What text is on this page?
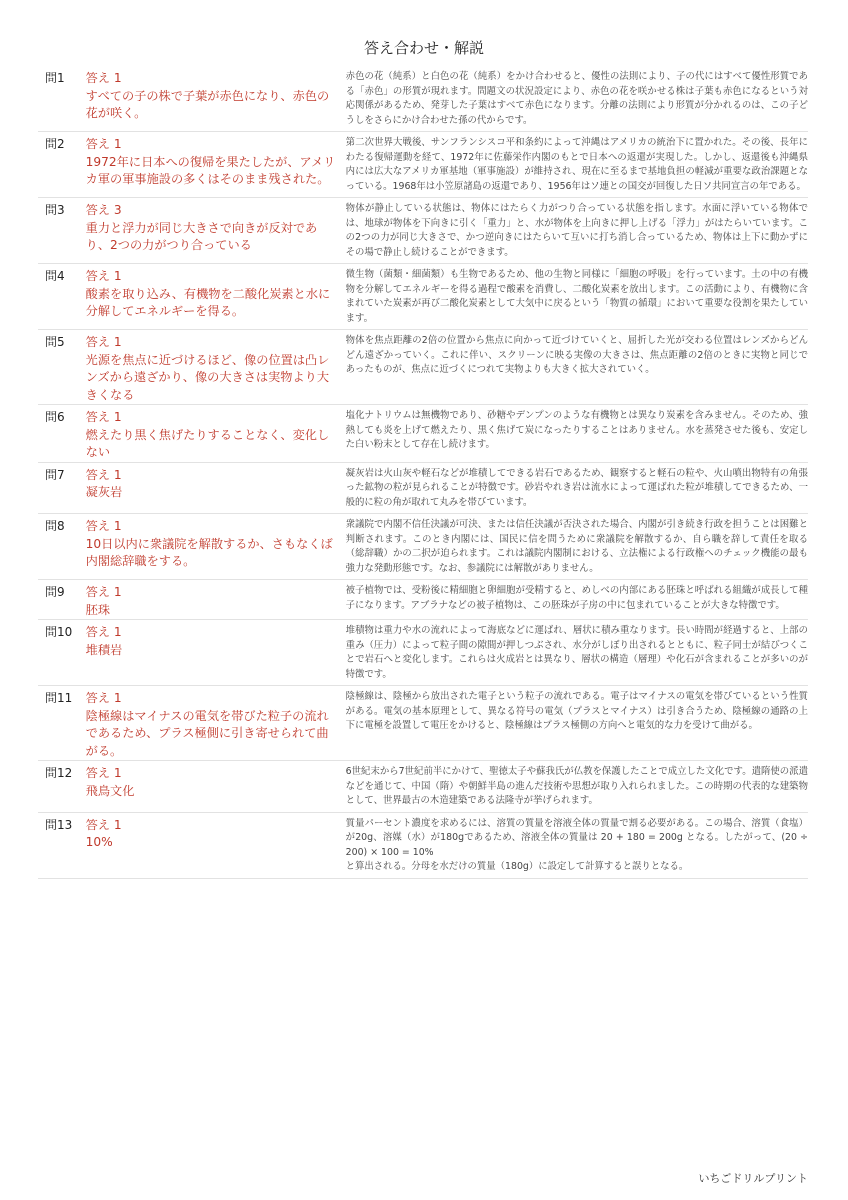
答え合わせ・解説
問1	答え 1
すべての子の株で子葉が赤色になり、赤色の花が咲く。
赤色の花（純系）と白色の花（純系）をかけ合わせると、優性の法則により、子の代にはすべて優性形質である「赤色」の形質が現れます。問題文の状況設定により、赤色の花を咲かせる株は子葉も赤色になるという対応関係があるため、発芽した子葉はすべて赤色になります。分離の法則により形質が分かれるのは、この子どうしをさらにかけ合わせた孫の代からです。
問2	答え 1
1972年に日本への復帰を果たしたが、アメリカ軍の軍事施設の多くはそのまま残された。
第二次世界大戦後、サンフランシスコ平和条約によって沖縄はアメリカの統治下に置かれた。その後、長年にわたる復帰運動を経て、1972年に佐藤栄作内閣のもとで日本への返還が実現した。しかし、返還後も沖縄県内には広大なアメリカ軍基地（軍事施設）が維持され、現在に至るまで基地負担の軽減が重要な政治課題となっている。1968年は小笠原諸島の返還であり、1956年はソ連との国交が回復した日ソ共同宣言の年である。
問3	答え 3
重力と浮力が同じ大きさで向きが反対であり、2つの力がつり合っている
物体が静止している状態は、物体にはたらく力がつり合っている状態を指します。水面に浮いている物体では、地球が物体を下向きに引く「重力」と、水が物体を上向きに押し上げる「浮力」がはたらいています。この2つの力が同じ大きさで、かつ逆向きにはたらいて互いに打ち消し合っているため、物体は上下に動かずにその場で静止し続けることができます。
問4	答え 1
酸素を取り込み、有機物を二酸化炭素と水に分解してエネルギーを得る。
微生物（菌類・細菌類）も生物であるため、他の生物と同様に「細胞の呼吸」を行っています。土の中の有機物を分解してエネルギーを得る過程で酸素を消費し、二酸化炭素を放出します。この活動により、有機物に含まれていた炭素が再び二酸化炭素として大気中に戻るという「物質の循環」において重要な役割を果たしています。
問5	答え 1
光源を焦点に近づけるほど、像の位置は凸レンズから遠ざかり、像の大きさは実物より大きくなる
物体を焦点距離の2倍の位置から焦点に向かって近づけていくと、屈折した光が交わる位置はレンズからどんどん遠ざかっていく。これに伴い、スクリーンに映る実像の大きさは、焦点距離の2倍のときに実物と同じであったものが、焦点に近づくにつれて実物よりも大きく拡大されていく。
問6	答え 1
燃えたり黒く焦げたりすることなく、変化しない
塩化ナトリウムは無機物であり、砂糖やデンプンのような有機物とは異なり炭素を含みません。そのため、強熱しても炎を上げて燃えたり、黒く焦げて炭になったりすることはありません。水を蒸発させた後も、安定した白い粉末として存在し続けます。
問7	答え 1
凝灰岩
凝灰岩は火山灰や軽石などが堆積してできる岩石であるため、観察すると軽石の粒や、火山噴出物特有の角張った鉱物の粒が見られることが特徴です。砂岩やれき岩は流水によって運ばれた粒が堆積してできるため、一般的に粒の角が取れて丸みを帯びています。
問8	答え 1
10日以内に衆議院を解散するか、さもなくば内閣総辞職をする。
衆議院で内閣不信任決議が可決、または信任決議が否決された場合、内閣が引き続き行政を担うことは困難と判断されます。このとき内閣には、国民に信を問うために衆議院を解散するか、自ら職を辞して責任を取る（総辞職）かの二択が迫られます。これは議院内閣制における、立法権による行政権へのチェック機能の最も強力な発動形態です。なお、参議院には解散がありません。
問9	答え 1
胚珠
被子植物では、受粉後に精細胞と卵細胞が受精すると、めしべの内部にある胚珠と呼ばれる組織が成長して種子になります。アブラナなどの被子植物は、この胚珠が子房の中に包まれていることが大きな特徴です。
問10	答え 1
堆積岩
堆積物は重力や水の流れによって海底などに運ばれ、層状に積み重なります。長い時間が経過すると、上部の重み（圧力）によって粒子間の隙間が押しつぶされ、水分がしぼり出されるとともに、粒子同士が結びつくことで岩石へと変化します。これらは火成岩とは異なり、層状の構造（層理）や化石が含まれることが多いのが特徴です。
問11	答え 1
陰極線はマイナスの電気を帯びた粒子の流れであるため、プラス極側に引き寄せられて曲がる。
陰極線は、陰極から放出された電子という粒子の流れである。電子はマイナスの電気を帯びているという性質がある。電気の基本原理として、異なる符号の電気（プラスとマイナス）は引き合うため、陰極線の通路の上下に電極を設置して電圧をかけると、陰極線はプラス極側の方向へと電気的な力を受けて曲がる。
問12	答え 1
飛鳥文化
6世紀末から7世紀前半にかけて、聖徳太子や蘇我氏が仏教を保護したことで成立した文化です。遣隋使の派遣などを通じて、中国（隋）や朝鮮半島の進んだ技術や思想が取り入れられました。この時期の代表的な建築物として、世界最古の木造建築である法隆寺が挙げられます。
問13	答え 1
10%
質量パーセント濃度を求めるには、溶質の質量を溶液全体の質量で割る必要がある。この場合、溶質（食塩）が20g、溶媒（水）が180gであるため、溶液全体の質量は 20 + 180 = 200g となる。したがって、(20 ÷ 200) × 100 = 10%
と算出される。分母を水だけの質量（180g）に設定して計算すると誤りとなる。
いちごドリルプリント
